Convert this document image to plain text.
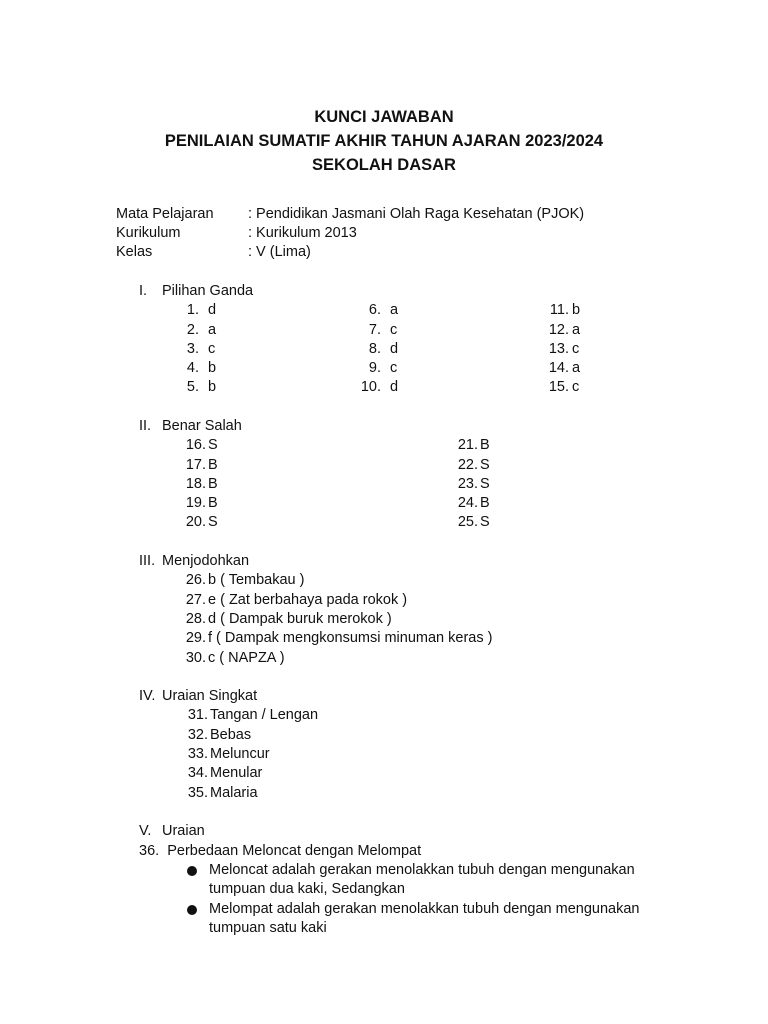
KUNCI JAWABAN
PENILAIAN SUMATIF AKHIR TAHUN AJARAN 2023/2024
SEKOLAH DASAR
Mata Pelajaran : Pendidikan Jasmani Olah Raga Kesehatan (PJOK)
Kurikulum	: Kurikulum 2013
Kelas	: V (Lima)
I. Pilihan Ganda
1. d
2. a
3. c
4. b
5. b
6. a
7. c
8. d
9. c
10. d
11. b
12. a
13. c
14. a
15. c
II. Benar Salah
16. S
17. B
18. B
19. B
20. S
21. B
22. S
23. S
24. B
25. S
III. Menjodohkan
26. b ( Tembakau )
27. e ( Zat berbahaya pada rokok )
28. d ( Dampak buruk merokok )
29. f ( Dampak mengkonsumsi minuman keras )
30. c ( NAPZA )
IV. Uraian Singkat
31. Tangan / Lengan
32. Bebas
33. Meluncur
34. Menular
35. Malaria
V. Uraian
36.  Perbedaan Meloncat dengan Melompat
Meloncat adalah gerakan menolakkan tubuh dengan mengunakan tumpuan dua kaki, Sedangkan
Melompat adalah gerakan menolakkan tubuh dengan mengunakan tumpuan satu kaki
